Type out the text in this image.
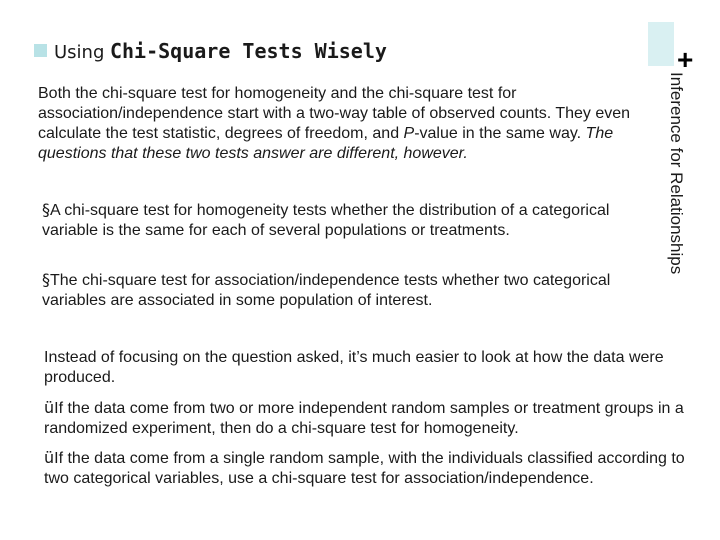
+
Using Chi-Square Tests Wisely
Inference for Relationships

Both the chi-square test for homogeneity and the chi-square test for association/independence start with a two-way table of observed counts. They even calculate the test statistic, degrees of freedom, and P-value in the same way. The questions that these two tests answer are different, however.

§A chi-square test for homogeneity tests whether the distribution of a categorical variable is the same for each of several populations or treatments.

§The chi-square test for association/independence tests whether two categorical variables are associated in some population of interest.

Instead of focusing on the question asked, it’s much easier to look at how the data were produced.

üIf the data come from two or more independent random samples or treatment groups in a randomized experiment, then do a chi-square test for homogeneity.

üIf the data come from a single random sample, with the individuals classified according to two categorical variables, use a chi-square test for association/independence.
